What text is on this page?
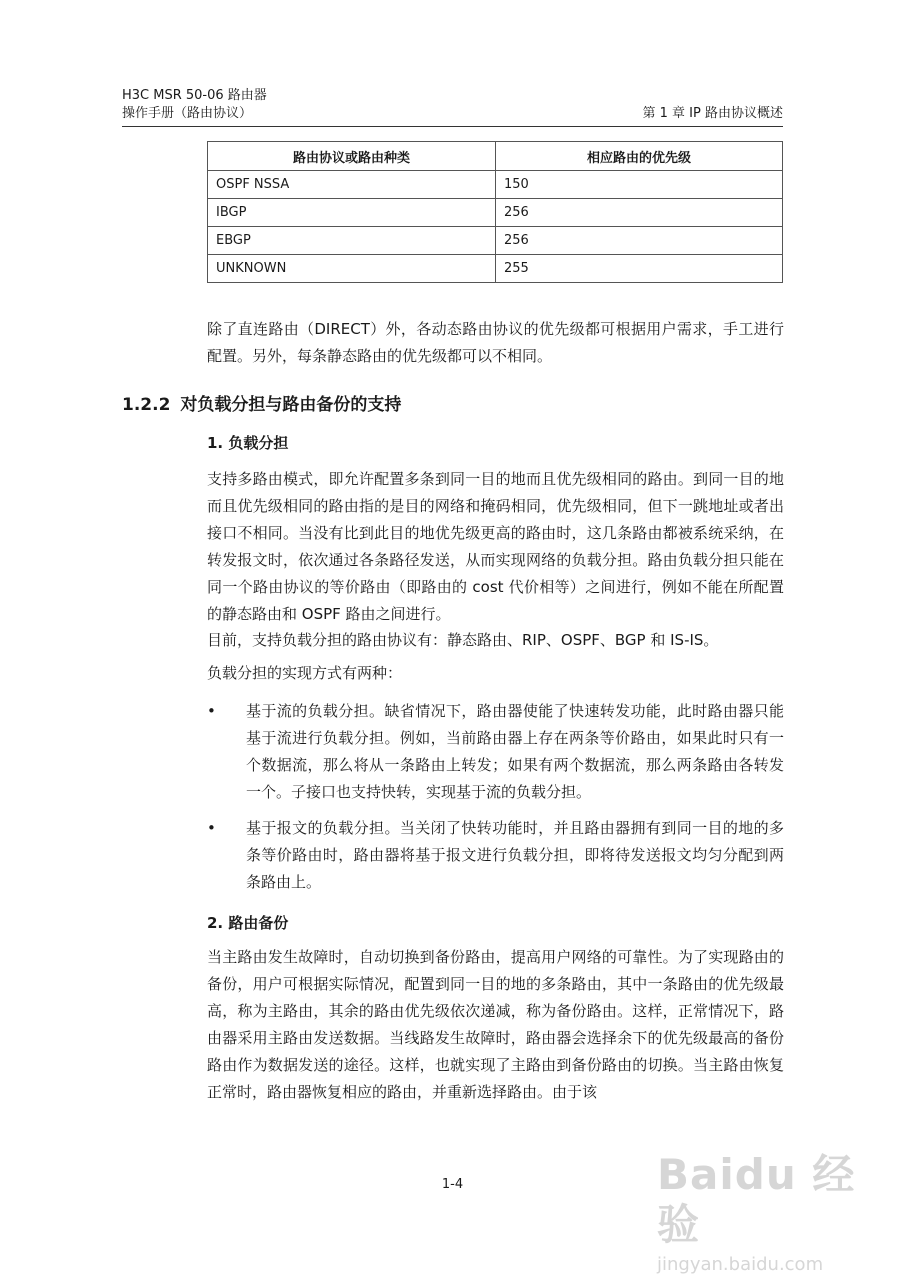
H3C MSR 50-06 路由器
操作手册（路由协议）	第 1 章 IP 路由协议概述
路由协议或路由种类	相应路由的优先级
OSPF NSSA	150
IBGP	256
EBGP	256
UNKNOWN	255
除了直连路由（DIRECT）外，各动态路由协议的优先级都可根据用户需求，手工进行配置。另外，每条静态路由的优先级都可以不相同。
1.2.2 对负载分担与路由备份的支持
1. 负载分担
支持多路由模式，即允许配置多条到同一目的地而且优先级相同的路由。到同一目的地而且优先级相同的路由指的是目的网络和掩码相同，优先级相同，但下一跳地址或者出接口不相同。当没有比到此目的地优先级更高的路由时，这几条路由都被系统采纳，在转发报文时，依次通过各条路径发送，从而实现网络的负载分担。路由负载分担只能在同一个路由协议的等价路由（即路由的 cost 代价相等）之间进行，例如不能在所配置的静态路由和 OSPF 路由之间进行。
目前，支持负载分担的路由协议有：静态路由、RIP、OSPF、BGP 和 IS-IS。
负载分担的实现方式有两种：
• 基于流的负载分担。缺省情况下，路由器使能了快速转发功能，此时路由器只能基于流进行负载分担。例如，当前路由器上存在两条等价路由，如果此时只有一个数据流，那么将从一条路由上转发；如果有两个数据流，那么两条路由各转发一个。子接口也支持快转，实现基于流的负载分担。
• 基于报文的负载分担。当关闭了快转功能时，并且路由器拥有到同一目的地的多条等价路由时，路由器将基于报文进行负载分担，即将待发送报文均匀分配到两条路由上。
2. 路由备份
当主路由发生故障时，自动切换到备份路由，提高用户网络的可靠性。为了实现路由的备份，用户可根据实际情况，配置到同一目的地的多条路由，其中一条路由的优先级最高，称为主路由，其余的路由优先级依次递减，称为备份路由。这样，正常情况下，路由器采用主路由发送数据。当线路发生故障时，路由器会选择余下的优先级最高的备份路由作为数据发送的途径。这样，也就实现了主路由到备份路由的切换。当主路由恢复正常时，路由器恢复相应的路由，并重新选择路由。由于该
1-4	Baidu 经验
jingyan.baidu.com
